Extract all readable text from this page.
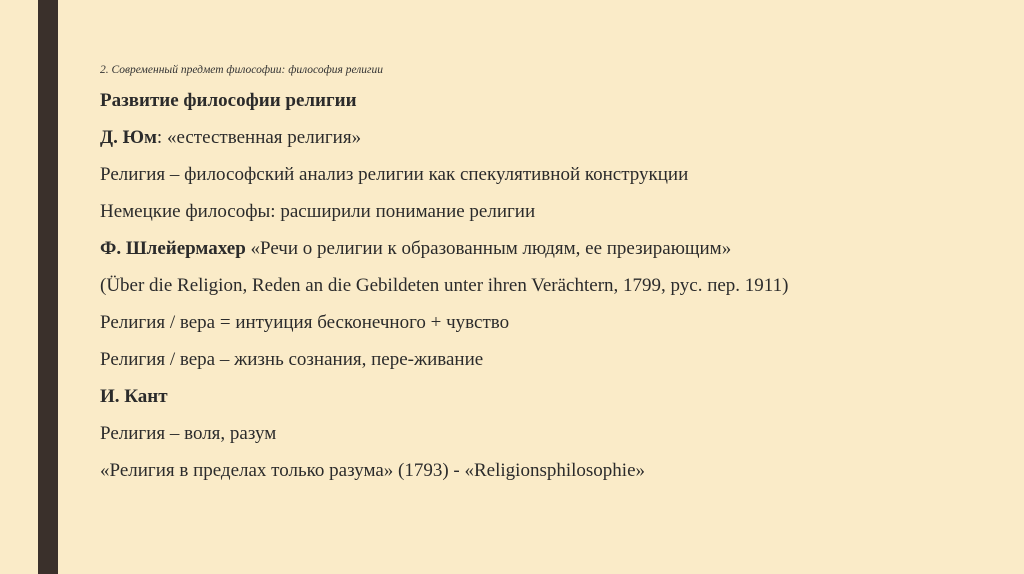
2. Современный предмет философии: философия религии
Развитие философии религии
Д. Юм: «естественная религия»
Религия – философский анализ религии как спекулятивной конструкции
Немецкие философы: расширили понимание религии
Ф. Шлейермахер «Речи о религии к образованным людям, ее презирающим»
(Über die Religion, Reden an die Gebildeten unter ihren Verächtern, 1799, рус. пер. 1911)
Религия / вера = интуиция бесконечного + чувство
Религия / вера – жизнь сознания, пере-живание
И. Кант
Религия – воля, разум
«Религия в пределах только разума» (1793) - «Religionsphilosophie»
